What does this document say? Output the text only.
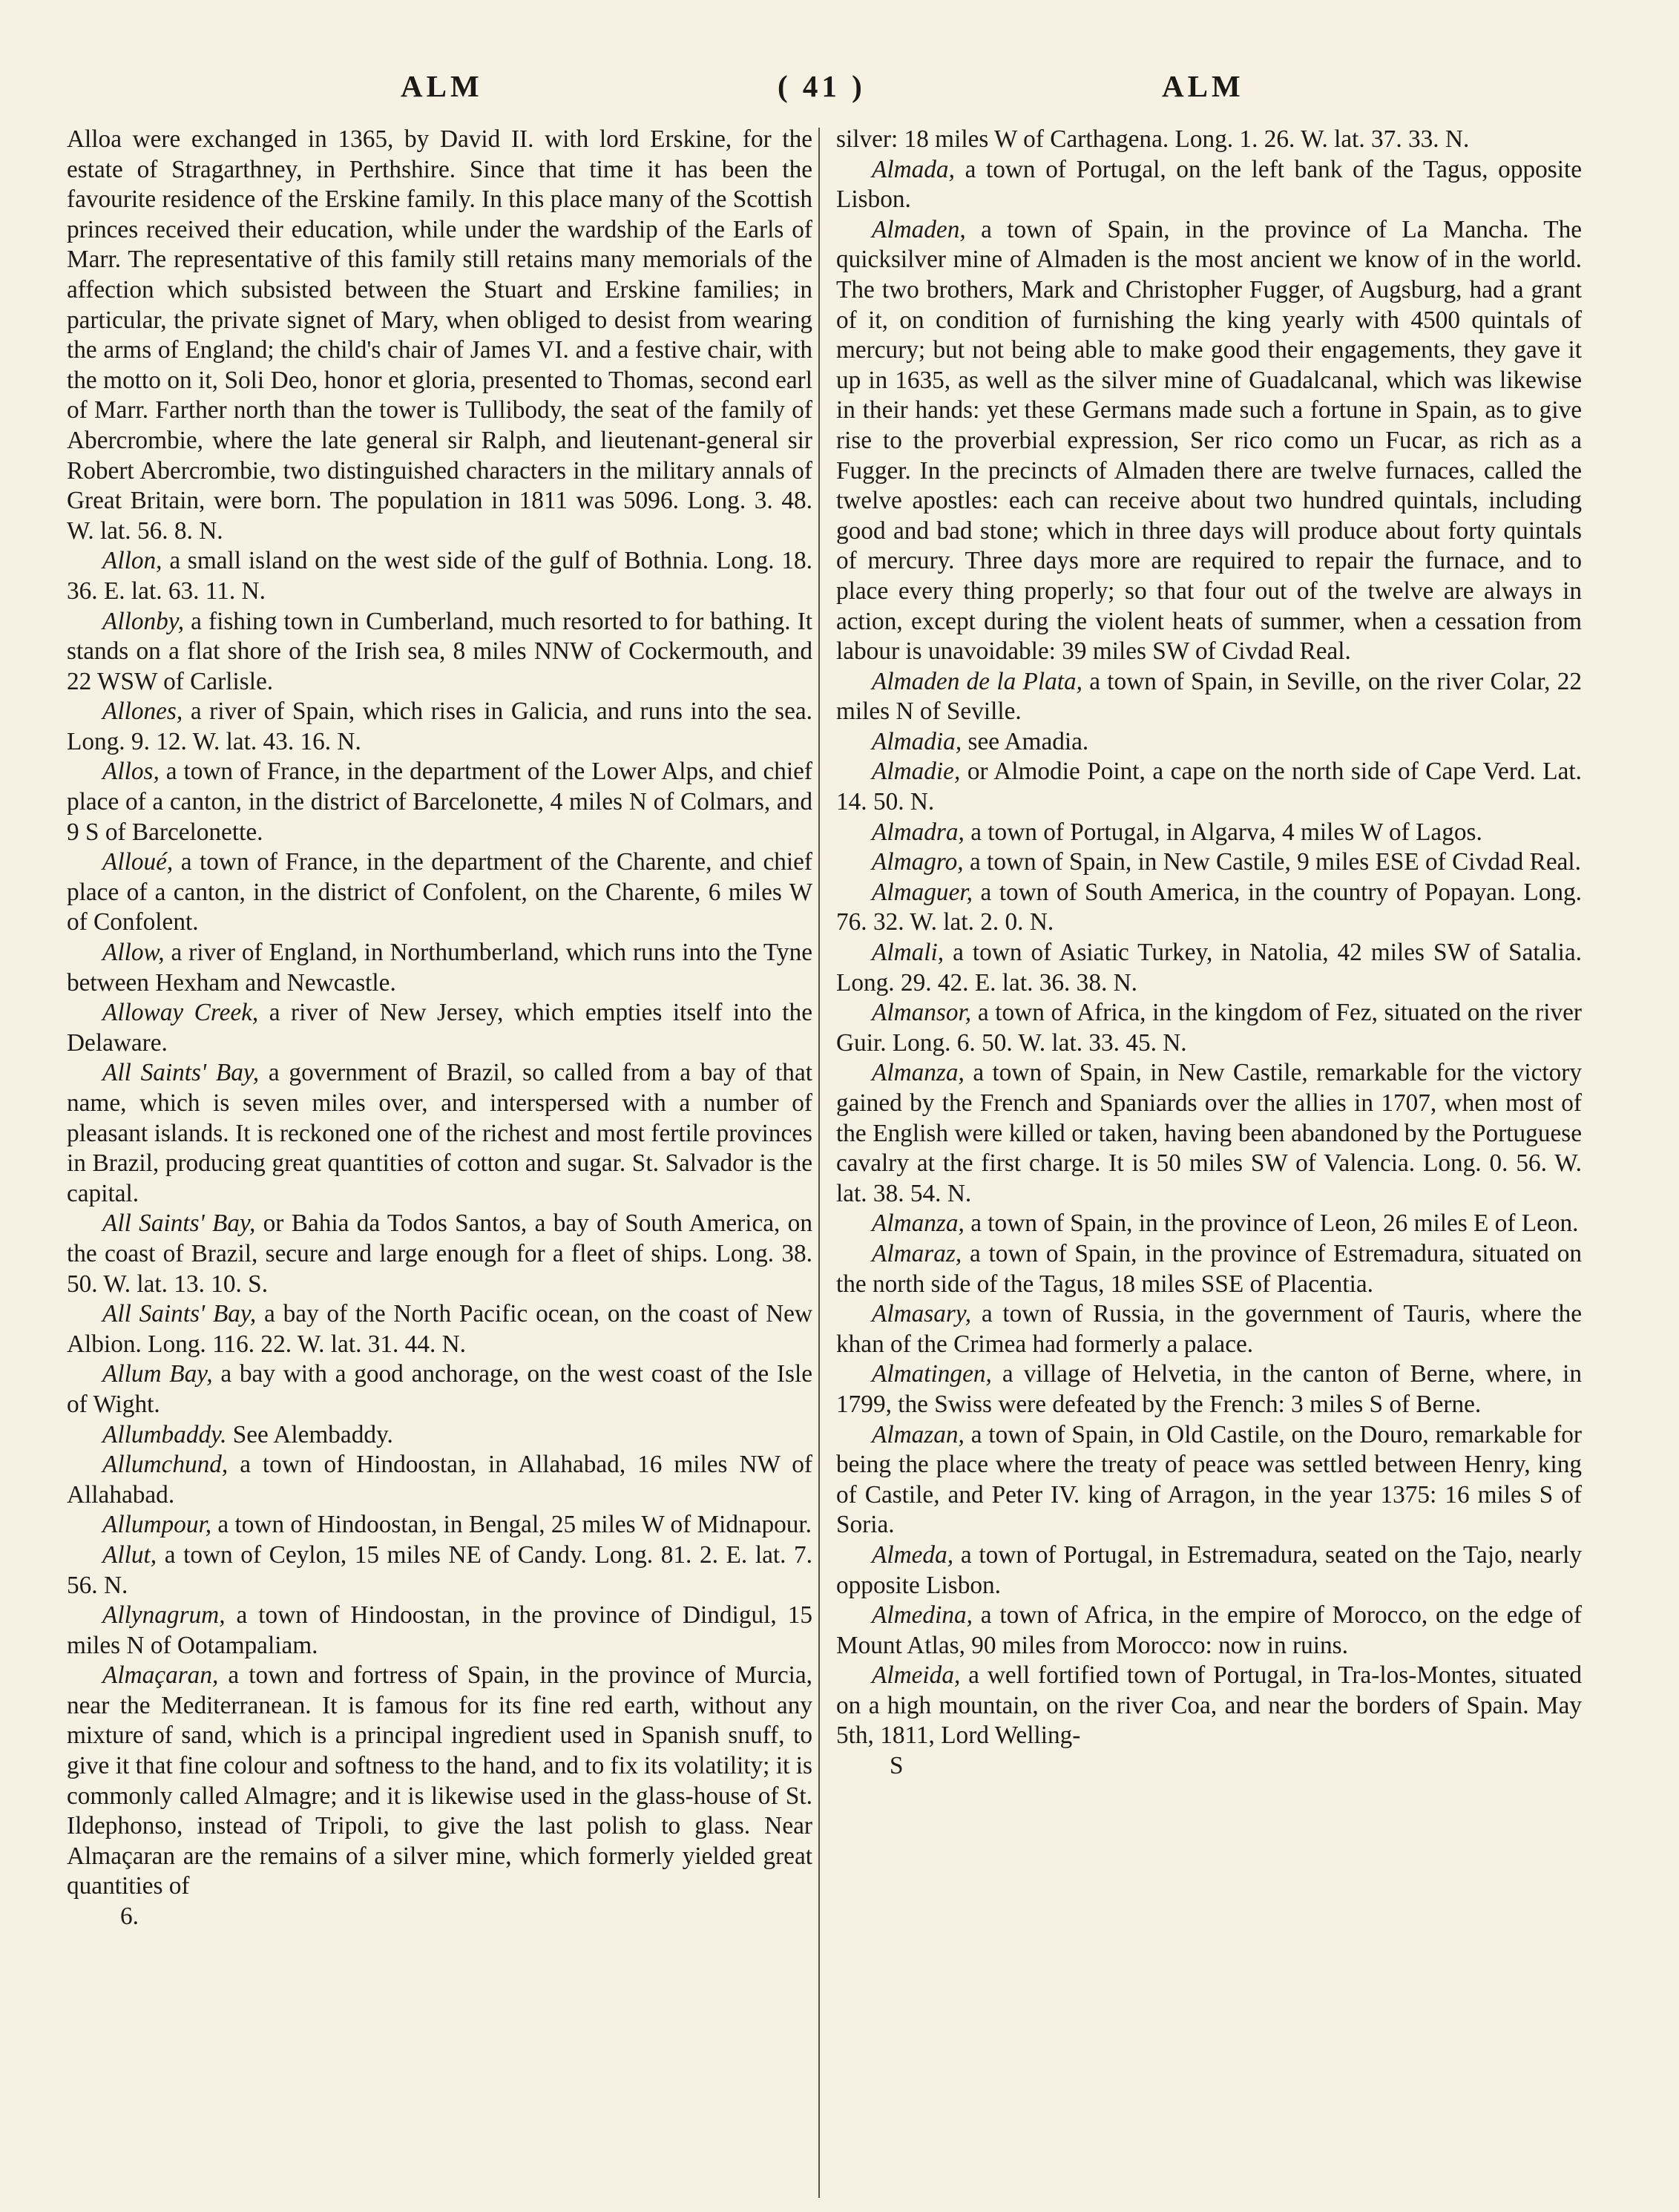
ALM	( 41 )	ALM

Alloa were exchanged in 1365, by David II. with lord Erskine, for the estate of Stragarthney, in Perthshire. Since that time it has been the favourite residence of the Erskine family. In this place many of the Scottish princes received their education, while under the wardship of the Earls of Marr. The representative of this family still retains many memorials of the affection which subsisted between the Stuart and Erskine families; in particular, the private signet of Mary, when obliged to desist from wearing the arms of England; the child's chair of James VI. and a festive chair, with the motto on it, Soli Deo, honor et gloria, presented to Thomas, second earl of Marr. Farther north than the tower is Tullibody, the seat of the family of Abercrombie, where the late general sir Ralph, and lieutenant-general sir Robert Abercrombie, two distinguished characters in the military annals of Great Britain, were born. The population in 1811 was 5096. Long. 3. 48. W. lat. 56. 8. N.

Allon, a small island on the west side of the gulf of Bothnia. Long. 18. 36. E. lat. 63. 11. N.

Allonby, a fishing town in Cumberland, much resorted to for bathing. It stands on a flat shore of the Irish sea, 8 miles NNW of Cockermouth, and 22 WSW of Carlisle.

Allones, a river of Spain, which rises in Galicia, and runs into the sea. Long. 9. 12. W. lat. 43. 16. N.

Allos, a town of France, in the department of the Lower Alps, and chief place of a canton, in the district of Barcelonette, 4 miles N of Colmars, and 9 S of Barcelonette.

Alloué, a town of France, in the department of the Charente, and chief place of a canton, in the district of Confolent, on the Charente, 6 miles W of Confolent.

Allow, a river of England, in Northumberland, which runs into the Tyne between Hexham and Newcastle.

Alloway Creek, a river of New Jersey, which empties itself into the Delaware.

All Saints' Bay, a government of Brazil, so called from a bay of that name, which is seven miles over, and interspersed with a number of pleasant islands. It is reckoned one of the richest and most fertile provinces in Brazil, producing great quantities of cotton and sugar. St. Salvador is the capital.

All Saints' Bay, or Bahia da Todos Santos, a bay of South America, on the coast of Brazil, secure and large enough for a fleet of ships. Long. 38. 50. W. lat. 13. 10. S.

All Saints' Bay, a bay of the North Pacific ocean, on the coast of New Albion. Long. 116. 22. W. lat. 31. 44. N.

Allum Bay, a bay with a good anchorage, on the west coast of the Isle of Wight.

Allumbaddy. See Alembaddy.

Allumchund, a town of Hindoostan, in Allahabad, 16 miles NW of Allahabad.

Allumpour, a town of Hindoostan, in Bengal, 25 miles W of Midnapour.

Allut, a town of Ceylon, 15 miles NE of Candy. Long. 81. 2. E. lat. 7. 56. N.

Allynagrum, a town of Hindoostan, in the province of Dindigul, 15 miles N of Ootampaliam.

Almaçaran, a town and fortress of Spain, in the province of Murcia, near the Mediterranean. It is famous for its fine red earth, without any mixture of sand, which is a principal ingredient used in Spanish snuff, to give it that fine colour and softness to the hand, and to fix its volatility; it is commonly called Almagre; and it is likewise used in the glass-house of St. Ildephonso, instead of Tripoli, to give the last polish to glass. Near Almaçaran are the remains of a silver mine, which formerly yielded great quantities of

6.

silver: 18 miles W of Carthagena. Long. 1. 26. W. lat. 37. 33. N.

Almada, a town of Portugal, on the left bank of the Tagus, opposite Lisbon.

Almaden, a town of Spain, in the province of La Mancha. The quicksilver mine of Almaden is the most ancient we know of in the world. The two brothers, Mark and Christopher Fugger, of Augsburg, had a grant of it, on condition of furnishing the king yearly with 4500 quintals of mercury; but not being able to make good their engagements, they gave it up in 1635, as well as the silver mine of Guadalcanal, which was likewise in their hands: yet these Germans made such a fortune in Spain, as to give rise to the proverbial expression, Ser rico como un Fucar, as rich as a Fugger. In the precincts of Almaden there are twelve furnaces, called the twelve apostles: each can receive about two hundred quintals, including good and bad stone; which in three days will produce about forty quintals of mercury. Three days more are required to repair the furnace, and to place every thing properly; so that four out of the twelve are always in action, except during the violent heats of summer, when a cessation from labour is unavoidable: 39 miles SW of Civdad Real.

Almaden de la Plata, a town of Spain, in Seville, on the river Colar, 22 miles N of Seville.

Almadia, see Amadia.

Almadie, or Almodie Point, a cape on the north side of Cape Verd. Lat. 14. 50. N.

Almadra, a town of Portugal, in Algarva, 4 miles W of Lagos.

Almagro, a town of Spain, in New Castile, 9 miles ESE of Civdad Real.

Almaguer, a town of South America, in the country of Popayan. Long. 76. 32. W. lat. 2. 0. N.

Almali, a town of Asiatic Turkey, in Natolia, 42 miles SW of Satalia. Long. 29. 42. E. lat. 36. 38. N.

Almansor, a town of Africa, in the kingdom of Fez, situated on the river Guir. Long. 6. 50. W. lat. 33. 45. N.

Almanza, a town of Spain, in New Castile, remarkable for the victory gained by the French and Spaniards over the allies in 1707, when most of the English were killed or taken, having been abandoned by the Portuguese cavalry at the first charge. It is 50 miles SW of Valencia. Long. 0. 56. W. lat. 38. 54. N.

Almanza, a town of Spain, in the province of Leon, 26 miles E of Leon.

Almaraz, a town of Spain, in the province of Estremadura, situated on the north side of the Tagus, 18 miles SSE of Placentia.

Almasary, a town of Russia, in the government of Tauris, where the khan of the Crimea had formerly a palace.

Almatingen, a village of Helvetia, in the canton of Berne, where, in 1799, the Swiss were defeated by the French: 3 miles S of Berne.

Almazan, a town of Spain, in Old Castile, on the Douro, remarkable for being the place where the treaty of peace was settled between Henry, king of Castile, and Peter IV. king of Arragon, in the year 1375: 16 miles S of Soria.

Almeda, a town of Portugal, in Estremadura, seated on the Tajo, nearly opposite Lisbon.

Almedina, a town of Africa, in the empire of Morocco, on the edge of Mount Atlas, 90 miles from Morocco: now in ruins.

Almeida, a well fortified town of Portugal, in Tra-los-Montes, situated on a high mountain, on the river Coa, and near the borders of Spain. May 5th, 1811, Lord Welling-

S
